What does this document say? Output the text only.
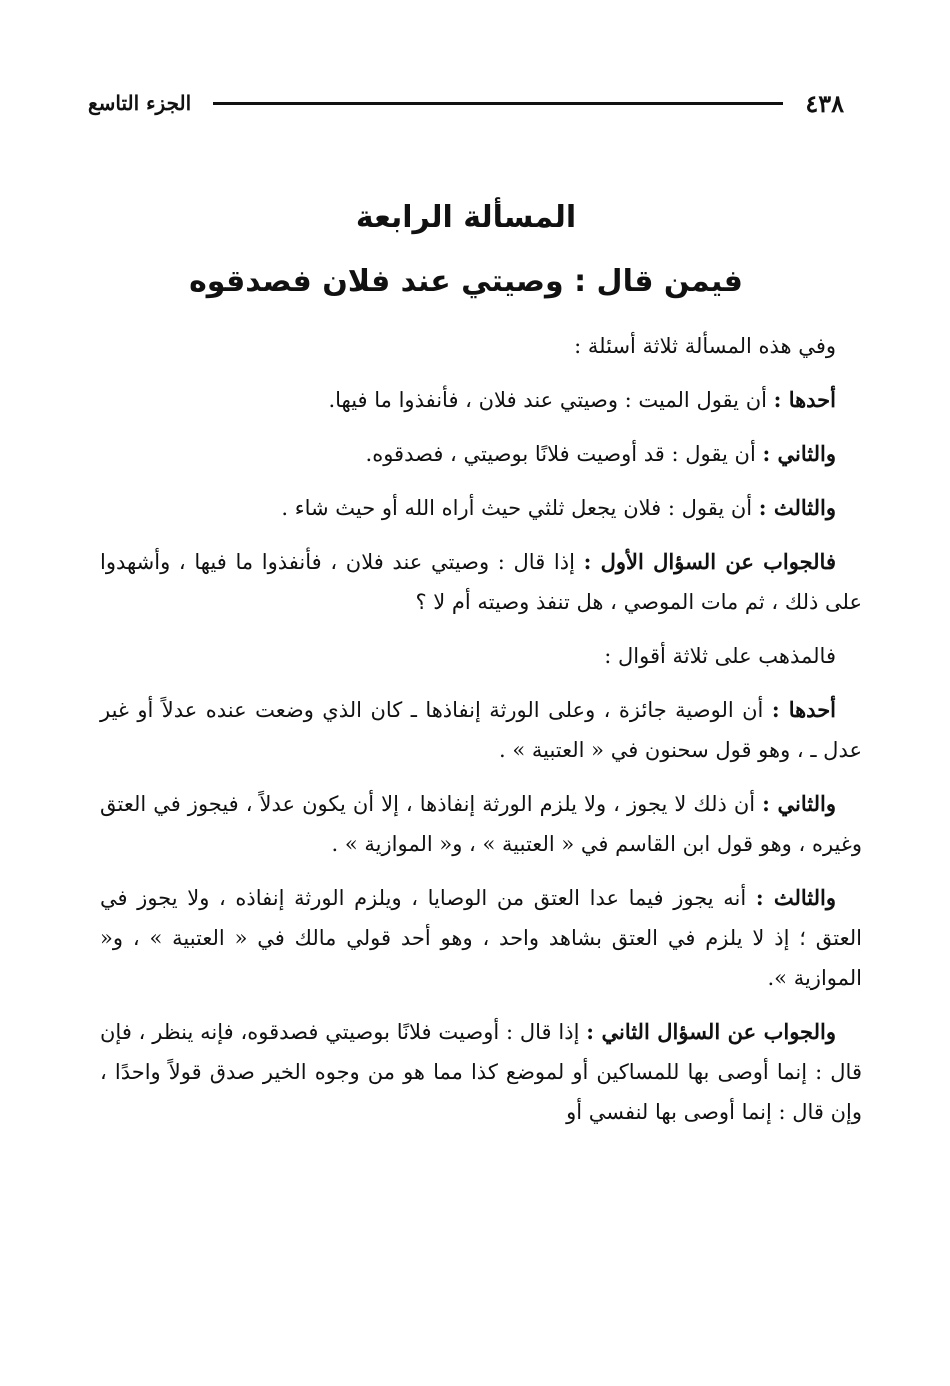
٤٣٨
الجزء التاسع
المسألة الرابعة
فيمن قال : وصيتي عند فلان فصدقوه

وفي هذه المسألة ثلاثة أسئلة :

أحدها : أن يقول الميت : وصيتي عند فلان ، فأنفذوا ما فيها.

والثاني : أن يقول : قد أوصيت فلانًا بوصيتي ، فصدقوه.

والثالث : أن يقول : فلان يجعل ثلثي حيث أراه الله أو حيث شاء .

فالجواب عن السؤال الأول : إذا قال : وصيتي عند فلان ، فأنفذوا ما فيها ، وأشهدوا على ذلك ، ثم مات الموصي ، هل تنفذ وصيته أم لا ؟

فالمذهب على ثلاثة أقوال :

أحدها : أن الوصية جائزة ، وعلى الورثة إنفاذها ـ كان الذي وضعت عنده عدلاً أو غير عدل ـ ، وهو قول سحنون في « العتبية » .

والثاني : أن ذلك لا يجوز ، ولا يلزم الورثة إنفاذها ، إلا أن يكون عدلاً ، فيجوز في العتق وغيره ، وهو قول ابن القاسم في « العتبية » ، و« الموازية » .

والثالث : أنه يجوز فيما عدا العتق من الوصايا ، ويلزم الورثة إنفاذه ، ولا يجوز في العتق ؛ إذ لا يلزم في العتق بشاهد واحد ، وهو أحد قولي مالك في « العتبية » ، و« الموازية ».

والجواب عن السؤال الثاني : إذا قال : أوصيت فلانًا بوصيتي فصدقوه، فإنه ينظر ، فإن قال : إنما أوصى بها للمساكين أو لموضع كذا مما هو من وجوه الخير صدق قولاً واحدًا ، وإن قال : إنما أوصى بها لنفسي أو
